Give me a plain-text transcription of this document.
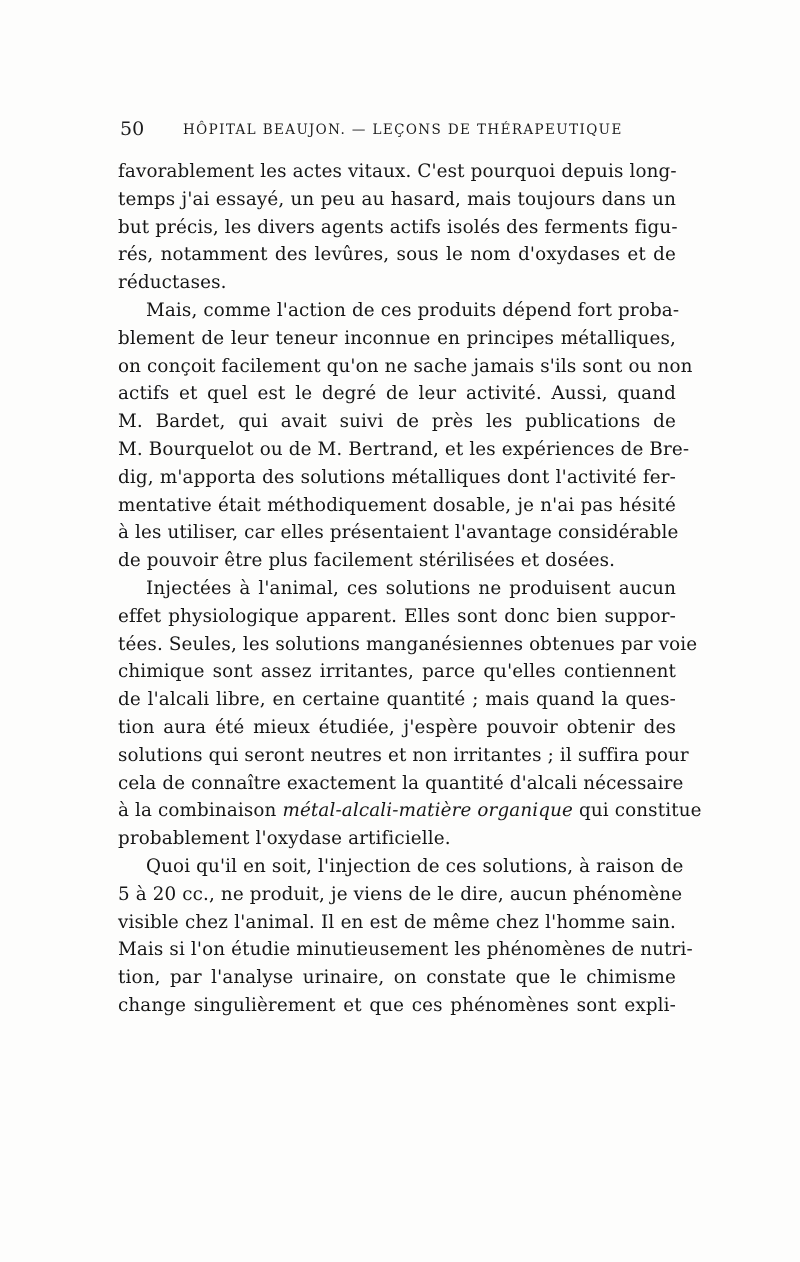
50	HÔPITAL BEAUJON. — LEÇONS DE THÉRAPEUTIQUE
favorablement les actes vitaux. C'est pourquoi depuis long-
temps j'ai essayé, un peu au hasard, mais toujours dans un
but précis, les divers agents actifs isolés des ferments figu-
rés, notamment des levûres, sous le nom d'oxydases et de
réductases.
Mais, comme l'action de ces produits dépend fort proba-
blement de leur teneur inconnue en principes métalliques,
on conçoit facilement qu'on ne sache jamais s'ils sont ou non
actifs et quel est le degré de leur activité. Aussi, quand
M. Bardet, qui avait suivi de près les publications de
M. Bourquelot ou de M. Bertrand, et les expériences de Bre-
dig, m'apporta des solutions métalliques dont l'activité fer-
mentative était méthodiquement dosable, je n'ai pas hésité
à les utiliser, car elles présentaient l'avantage considérable
de pouvoir être plus facilement stérilisées et dosées.
Injectées à l'animal, ces solutions ne produisent aucun
effet physiologique apparent. Elles sont donc bien suppor-
tées. Seules, les solutions manganésiennes obtenues par voie
chimique sont assez irritantes, parce qu'elles contiennent
de l'alcali libre, en certaine quantité ; mais quand la ques-
tion aura été mieux étudiée, j'espère pouvoir obtenir des
solutions qui seront neutres et non irritantes ; il suffira pour
cela de connaître exactement la quantité d'alcali nécessaire
à la combinaison métal-alcali-matière organique qui constitue
probablement l'oxydase artificielle.
Quoi qu'il en soit, l'injection de ces solutions, à raison de
5 à 20 cc., ne produit, je viens de le dire, aucun phénomène
visible chez l'animal. Il en est de même chez l'homme sain.
Mais si l'on étudie minutieusement les phénomènes de nutri-
tion, par l'analyse urinaire, on constate que le chimisme
change singulièrement et que ces phénomènes sont expli-
